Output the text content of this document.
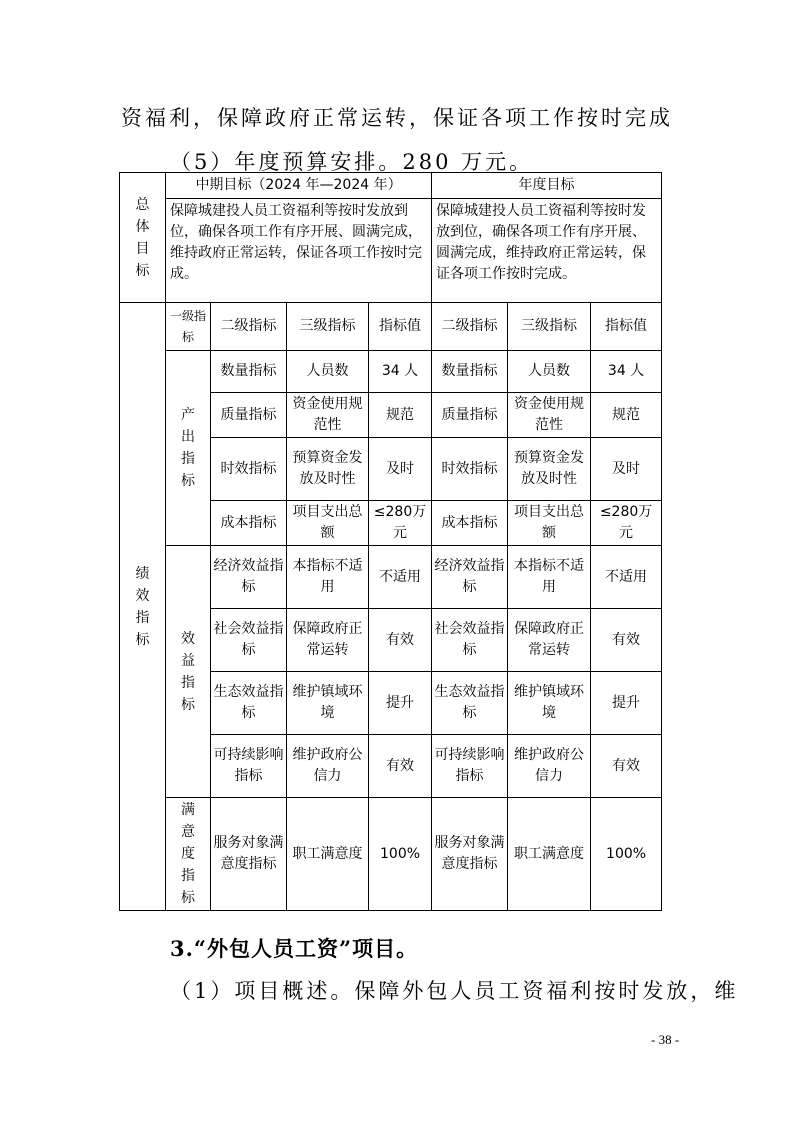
资福利，保障政府正常运转，保证各项工作按时完成
（5）年度预算安排。280 万元。
总体目标	中期目标（2024 年—2024 年）				年度目标		
	保障城建投人员工资福利等按时发放到位，确保各项工作有序开展、圆满完成，维持政府正常运转，保证各项工作按时完成。				保障城建投人员工资福利等按时发放到位，确保各项工作有序开展、圆满完成，维持政府正常运转，保证各项工作按时完成。		

绩效指标	一级指标	二级指标	三级指标	指标值	二级指标	三级指标	指标值

	产出指标	数量指标	人员数	34 人	数量指标	人员数	34 人
		质量指标	资金使用规范性	规范	质量指标	资金使用规范性	规范
		时效指标	预算资金发放及时性	及时	时效指标	预算资金发放及时性	及时
		成本指标	项目支出总额	≤280万元	成本指标	项目支出总额	≤280万元

	效益指标	经济效益指标	本指标不适用	不适用	经济效益指标	本指标不适用	不适用
		社会效益指标	保障政府正常运转	有效	社会效益指标	保障政府正常运转	有效
		生态效益指标	维护镇域环境	提升	生态效益指标	维护镇域环境	提升
		可持续影响指标	维护政府公信力	有效	可持续影响指标	维护政府公信力	有效

	满意度指标	服务对象满意度指标	职工满意度	100%	服务对象满意度指标	职工满意度	100%
3.“外包人员工资”项目。
（1）项目概述。保障外包人员工资福利按时发放，维
- 38 -
